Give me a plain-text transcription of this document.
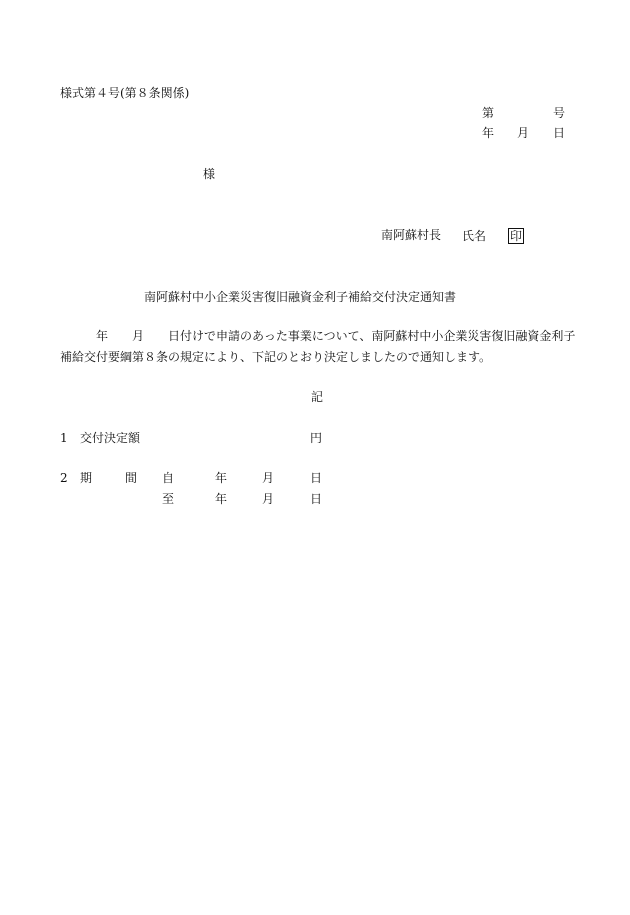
様式第４号(第８条関係)
第	号
年 月 日
様
南阿蘇村長 氏名 印
南阿蘇村中小企業災害復旧融資金利子補給交付決定通知書
年 月 日付けで申請のあった事業について、南阿蘇村中小企業災害復旧融資金利子
補給交付要綱第８条の規定により、下記のとおり決定しましたので通知します。
記
1 交付決定額	円
2 期	間 自	年	月	日
至	年	月	日
